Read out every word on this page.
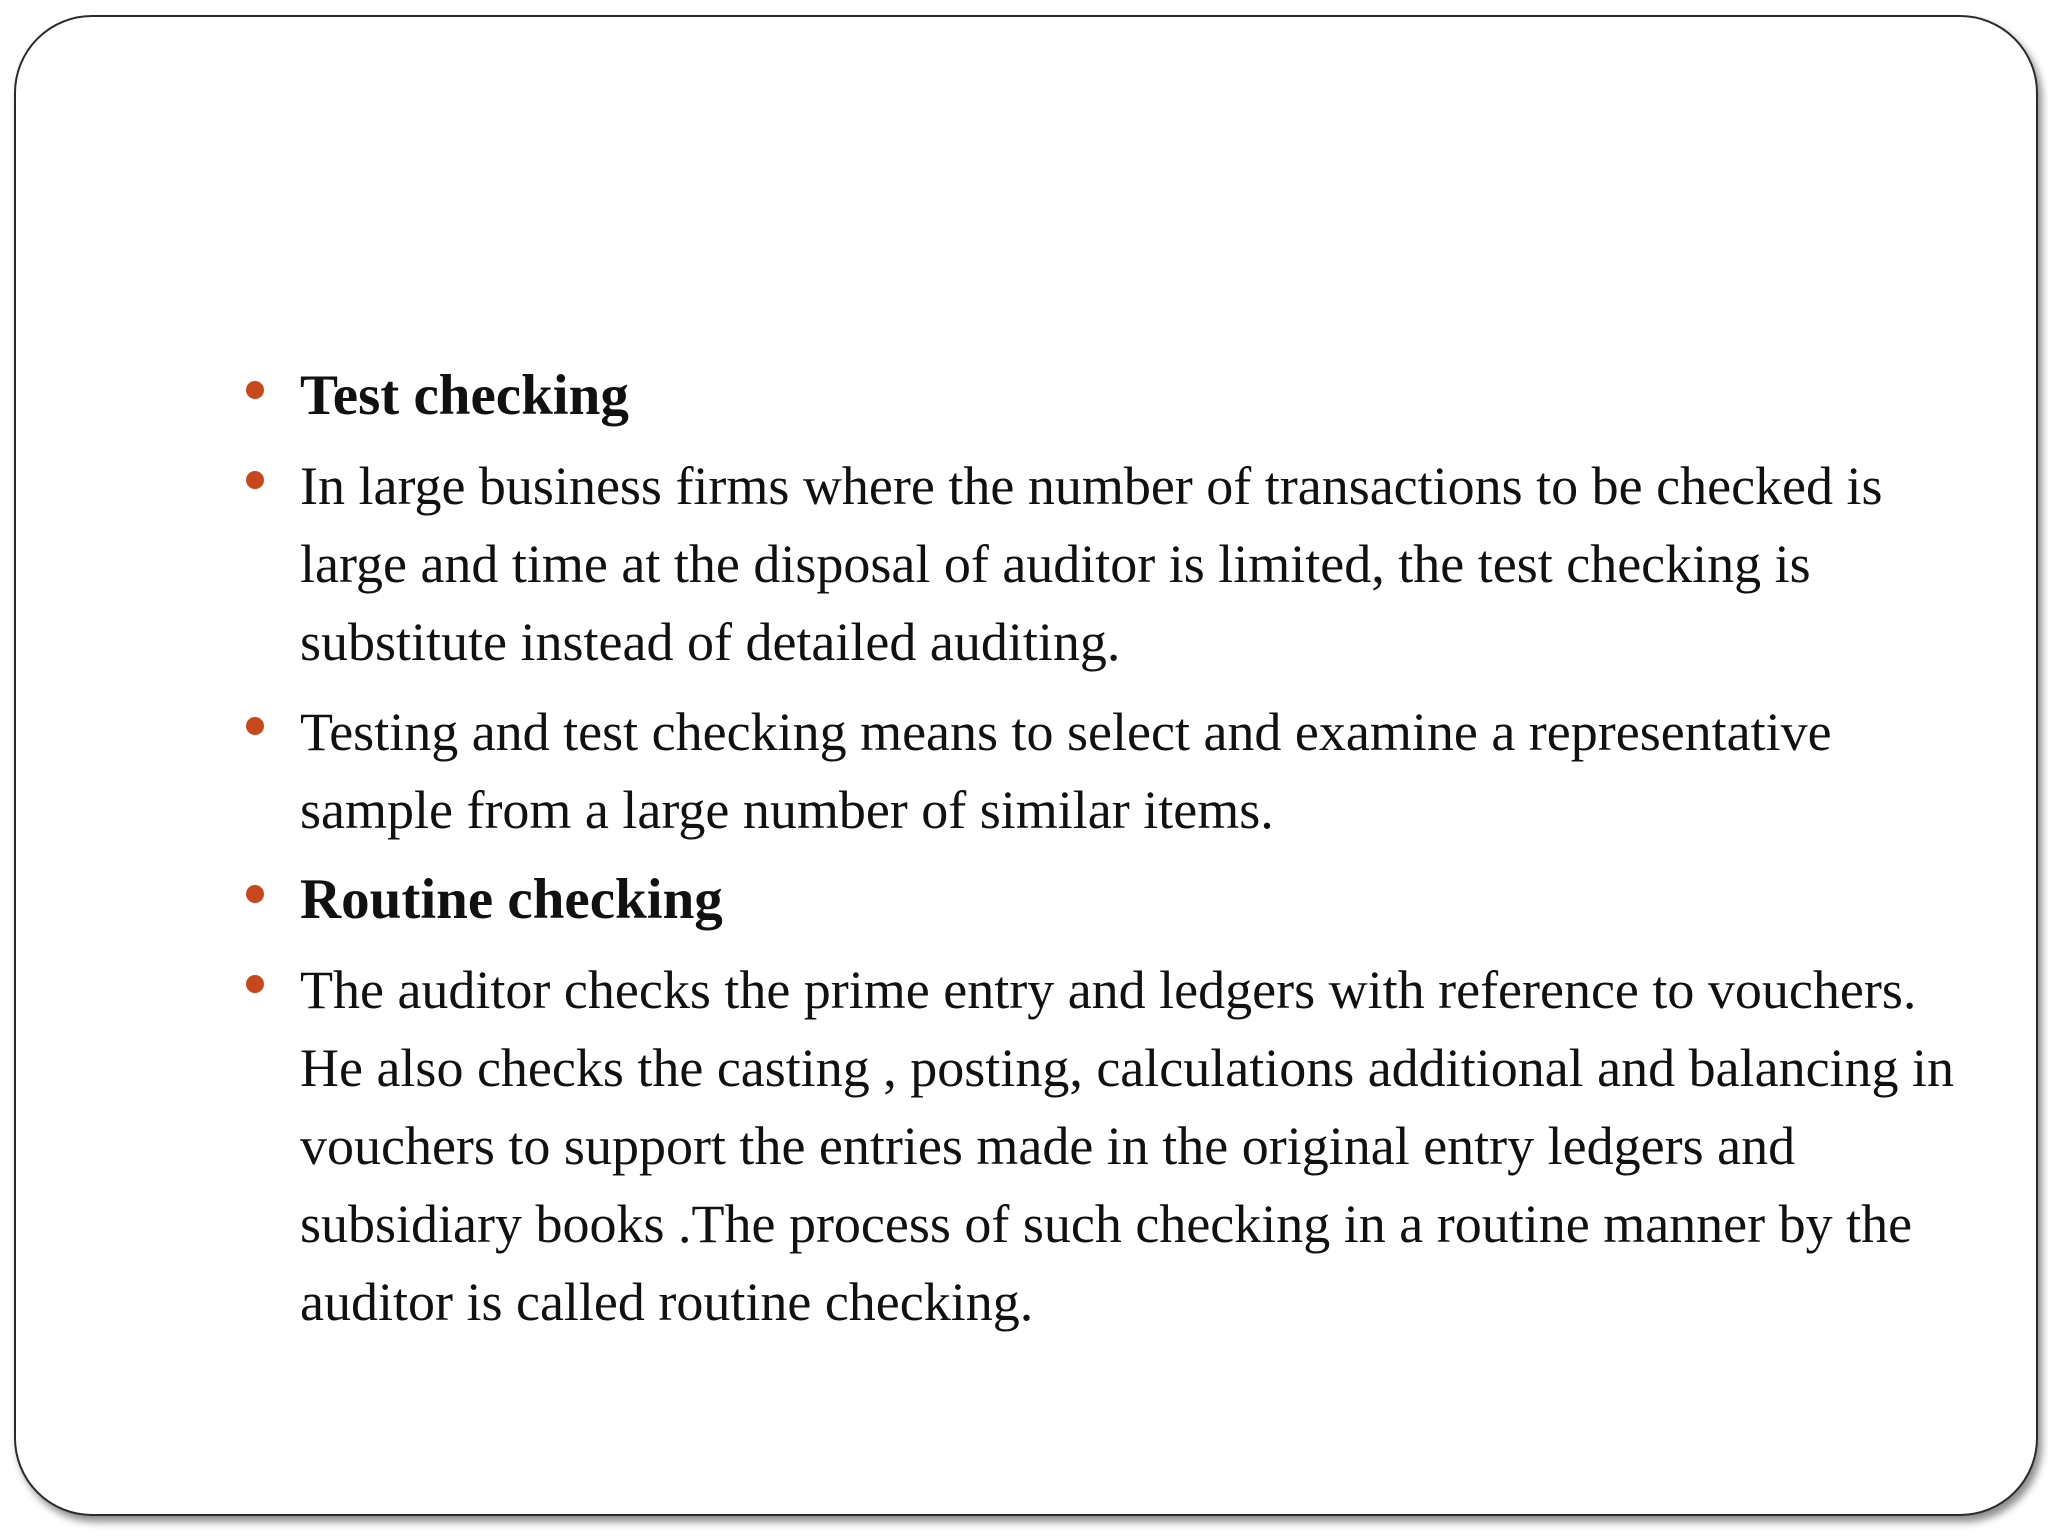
Test checking
In large business firms where the number of transactions to be checked is large and time at the disposal of auditor is limited, the test checking is substitute instead of detailed auditing.
Testing and test checking means to select and examine a representative sample from a large number of similar items.
Routine checking
The auditor checks the prime entry and ledgers with reference to vouchers. He also checks the casting , posting, calculations additional and balancing in vouchers to support the entries made in the original entry ledgers and subsidiary books .The process of such checking in a routine manner by the auditor is called routine checking.
